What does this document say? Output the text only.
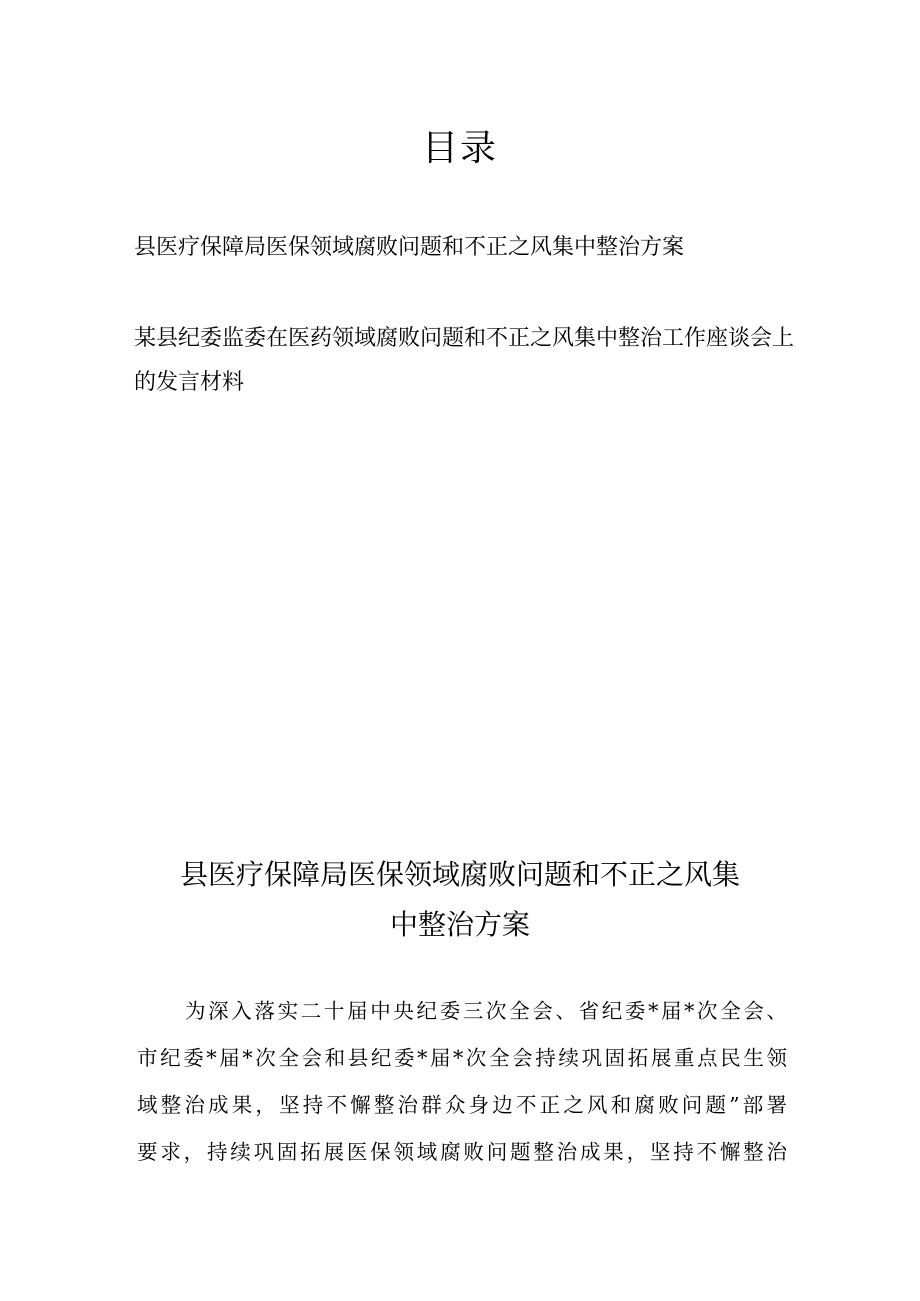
目录
县医疗保障局医保领域腐败问题和不正之风集中整治方案
某县纪委监委在医药领域腐败问题和不正之风集中整治工作座谈会上的发言材料
县医疗保障局医保领域腐败问题和不正之风集
中整治方案
为深入落实二十届中央纪委三次全会、省纪委*届*次全会、
市纪委*届*次全会和县纪委*届*次全会持续巩固拓展重点民生领
域整治成果，坚持不懈整治群众身边不正之风和腐败问题”部署
要求，持续巩固拓展医保领域腐败问题整治成果，坚持不懈整治
